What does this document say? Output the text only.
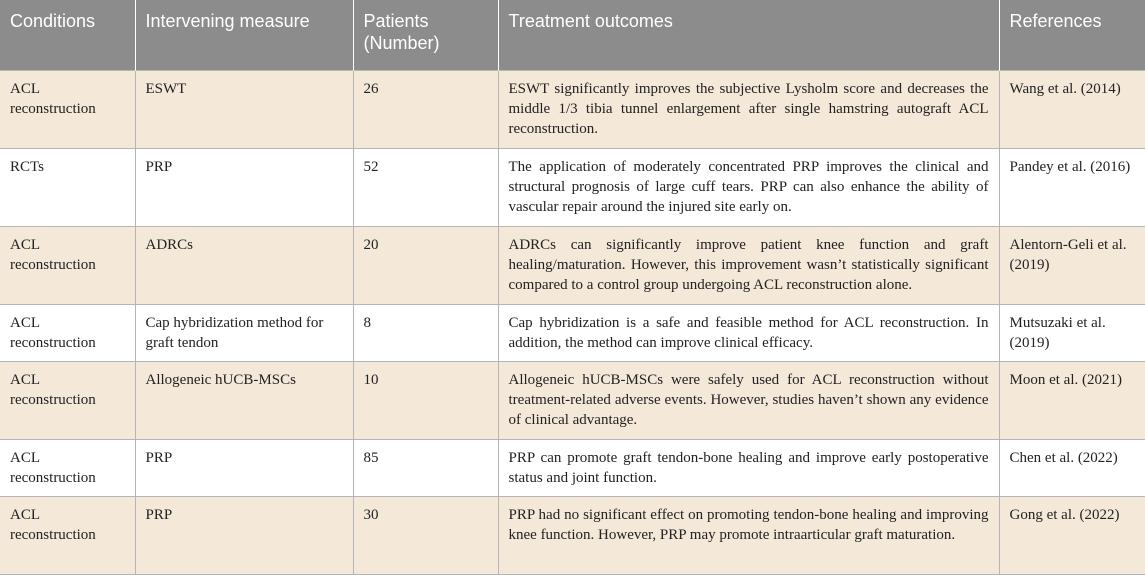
Conditions	Intervening measure	Patients (Number)	Treatment outcomes	References
ACL reconstruction	ESWT	26	ESWT significantly improves the subjective Lysholm score and decreases the middle 1/3 tibia tunnel enlargement after single hamstring autograft ACL reconstruction.	Wang et al. (2014)
RCTs	PRP	52	The application of moderately concentrated PRP improves the clinical and structural prognosis of large cuff tears. PRP can also enhance the ability of vascular repair around the injured site early on.	Pandey et al. (2016)
ACL reconstruction	ADRCs	20	ADRCs can significantly improve patient knee function and graft healing/maturation. However, this improvement wasn’t statistically significant compared to a control group undergoing ACL reconstruction alone.	Alentorn-Geli et al. (2019)
ACL reconstruction	Cap hybridization method for graft tendon	8	Cap hybridization is a safe and feasible method for ACL reconstruction. In addition, the method can improve clinical efficacy.	Mutsuzaki et al. (2019)
ACL reconstruction	Allogeneic hUCB-MSCs	10	Allogeneic hUCB-MSCs were safely used for ACL reconstruction without treatment-related adverse events. However, studies haven’t shown any evidence of clinical advantage.	Moon et al. (2021)
ACL reconstruction	PRP	85	PRP can promote graft tendon-bone healing and improve early postoperative status and joint function.	Chen et al. (2022)
ACL reconstruction	PRP	30	PRP had no significant effect on promoting tendon-bone healing and improving knee function. However, PRP may promote intraarticular graft maturation.	Gong et al. (2022)
